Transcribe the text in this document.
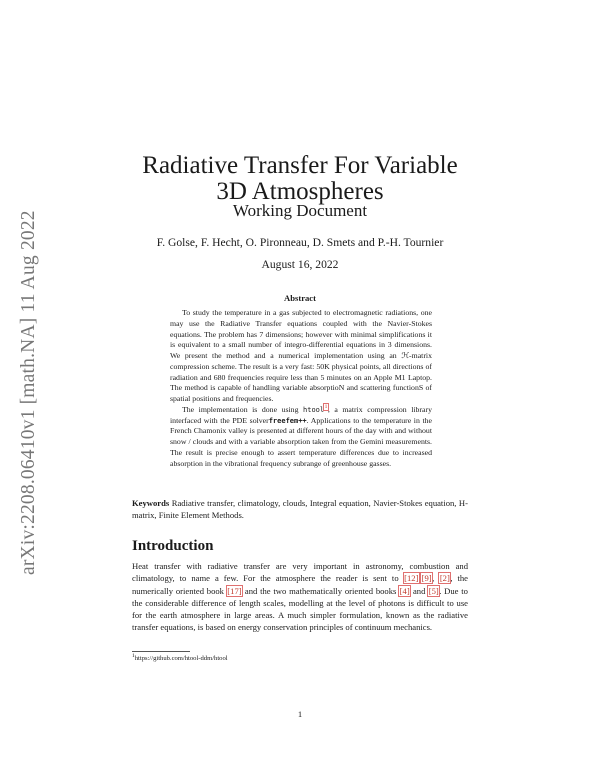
arXiv:2208.06410v1 [math.NA] 11 Aug 2022
Radiative Transfer For Variable
3D Atmospheres
Working Document
F. Golse, F. Hecht, O. Pironneau, D. Smets and P.-H. Tournier
August 16, 2022
Abstract

To study the temperature in a gas subjected to electromagnetic radiations, one may use the Radiative Transfer equations coupled with the Navier-Stokes equations. The problem has 7 dimensions; however with minimal simplifications it is equivalent to a small number of integro-differential equations in 3 dimensions. We present the method and a numerical implementation using an ℋ-matrix compression scheme. The result is a very fast: 50K physical points, all directions of radiation and 680 frequencies require less than 5 minutes on an Apple M1 Laptop. The method is capable of handling variable absorptioN and scattering functionS of spatial positions and frequencies.

The implementation is done using htool$^1$, a matrix compression library interfaced with the PDE solverfreefem++. Applications to the temperature in the French Chamonix valley is presented at different hours of the day with and without snow / clouds and with a variable absorption taken from the Gemini measurements. The result is precise enough to assert temperature differences due to increased absorption in the vibrational frequency subrange of greenhouse gasses.

Keywords Radiative transfer, climatology, clouds, Integral equation, Navier-Stokes equation, H-matrix, Finite Element Methods.
Introduction

Heat transfer with radiative transfer are very important in astronomy, combustion and climatology, to name a few. For the atmosphere the reader is sent to [12],[9], [2], the numerically oriented book [17] and the two mathematically oriented books [4] and [5]. Due to the considerable difference of length scales, modelling at the level of photons is difficult to use for the earth atmosphere in large areas. A much simpler formulation, known as the radiative transfer equations, is based on energy conservation principles of continuum mechanics.

$^1$https://github.com/htool-ddm/htool
1
